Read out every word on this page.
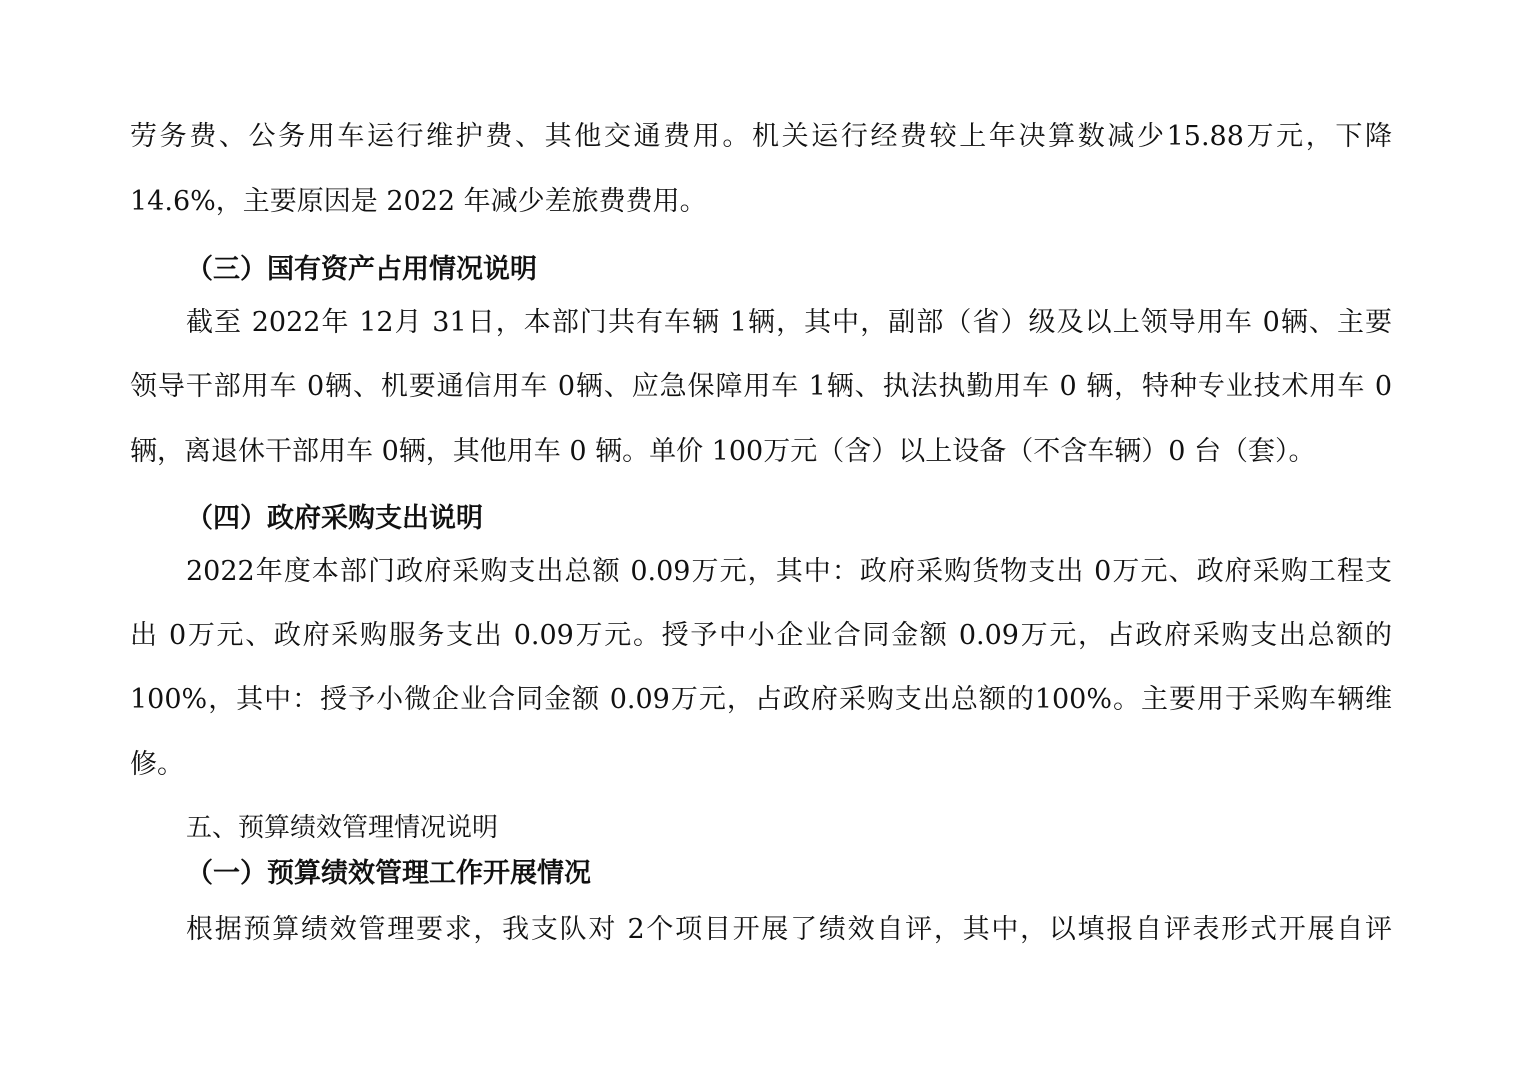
劳务费、公务用车运行维护费、其他交通费用。机关运行经费较上年决算数减少15.88万元，下降
14.6%，主要原因是 2022 年减少差旅费费用。
（三）国有资产占用情况说明
截至 2022年 12月 31日，本部门共有车辆 1辆，其中，副部（省）级及以上领导用车 0辆、主要
领导干部用车 0辆、机要通信用车 0辆、应急保障用车 1辆、执法执勤用车 0 辆，特种专业技术用车 0
辆，离退休干部用车 0辆，其他用车 0 辆。单价 100万元（含）以上设备（不含车辆）0 台（套）。
（四）政府采购支出说明
2022年度本部门政府采购支出总额 0.09万元，其中：政府采购货物支出 0万元、政府采购工程支
出 0万元、政府采购服务支出 0.09万元。授予中小企业合同金额 0.09万元，占政府采购支出总额的
100%，其中：授予小微企业合同金额 0.09万元，占政府采购支出总额的100%。主要用于采购车辆维
修。
五、预算绩效管理情况说明
（一）预算绩效管理工作开展情况
根据预算绩效管理要求，我支队对 2个项目开展了绩效自评，其中，以填报自评表形式开展自评
